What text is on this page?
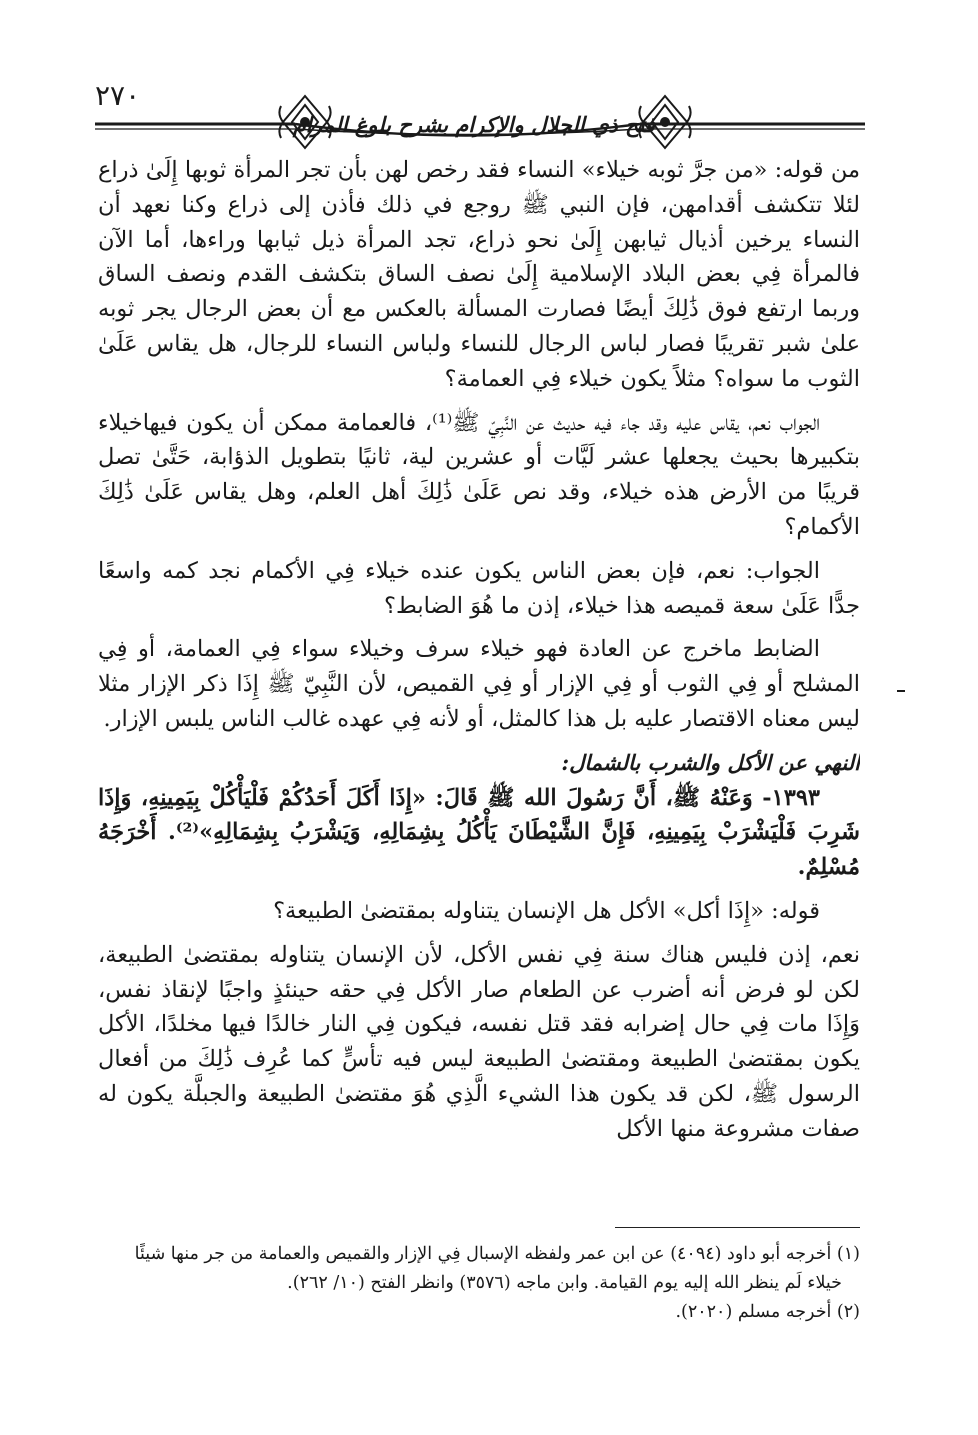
٢٧٠
فتح ذي الجلال والإكرام بشرح بلوغ المرام

من قوله: «من جرَّ ثوبه خيلاء» النساء فقد رخص لهن بأن تجر المرأة ثوبها إِلَىٰ ذراع لئلا تتكشف أقدامهن، فإن النبي ﷺ روجع في ذلك فأذن إلى ذراع وكنا نعهد أن النساء يرخين أذيال ثيابهن إِلَىٰ نحو ذراع، تجد المرأة ذيل ثيابها وراءها، أما الآن فالمرأة فِي بعض البلاد الإسلامية إِلَىٰ نصف الساق بتكشف القدم ونصف الساق وربما ارتفع فوق ذَٰلِكَ أيضًا فصارت المسألة بالعكس مع أن بعض الرجال يجر ثوبه علىٰ شبر تقريبًا فصار لباس الرجال للنساء ولباس النساء للرجال، هل يقاس عَلَىٰ الثوب ما سواه؟ مثلاً يكون خيلاء فِي العمامة؟

الجواب نعم، يقاس عليه وقد جاء فيه حديث عن النَّبِيّ ﷺ⁽¹⁾، فالعمامة ممكن أن يكون فيهاخيلاء بتكبيرها بحيث يجعلها عشر لَيَّات أو عشرين لية، ثانيًا بتطويل الذؤابة، حَتَّىٰ تصل قريبًا من الأرض هذه خيلاء، وقد نص عَلَىٰ ذَٰلِكَ أهل العلم، وهل يقاس عَلَىٰ ذَٰلِكَ الأكمام؟

الجواب: نعم، فإن بعض الناس يكون عنده خيلاء فِي الأكمام نجد كمه واسعًا جدًّا عَلَىٰ سعة قميصه هذا خيلاء، إذن ما هُوَ الضابط؟

الضابط ماخرج عن العادة فهو خيلاء سرف وخيلاء سواء فِي العمامة، أو فِي المشلح أو فِي الثوب أو فِي الإزار أو فِي القميص، لأن النَّبِيّ ﷺ إِذَا ذكر الإزار مثلا ليس معناه الاقتصار عليه بل هذا كالمثل، أو لأنه فِي عهده غالب الناس يلبس الإزار.

النهي عن الأكل والشرب بالشمال:

١٣٩٣- وَعَنْهُ ﷺ، أَنَّ رَسُولَ الله ﷺ قَالَ: «إِذَا أَكَلَ أَحَدُكُمْ فَلْيَأْكُلْ بِيَمِينِهِ، وَإِذَا شَرِبَ فَلْيَشْرَبْ بِيَمِينِهِ، فَإِنَّ الشَّيْطَانَ يَأْكُلُ بِشِمَالِهِ، وَيَشْرَبُ بِشِمَالِهِ»⁽²⁾. أَخْرَجَهُ مُسْلِمٌ.

قوله: «إِذَا أكل» الأكل هل الإنسان يتناوله بمقتضىٰ الطبيعة؟

نعم، إذن فليس هناك سنة فِي نفس الأكل، لأن الإنسان يتناوله بمقتضىٰ الطبيعة، لكن لو فرض أنه أضرب عن الطعام صار الأكل فِي حقه حينئذٍ واجبًا لإنقاذ نفس، وَإِذَا مات فِي حال إضرابه فقد قتل نفسه، فيكون فِي النار خالدًا فيها مخلدًا، الأكل يكون بمقتضىٰ الطبيعة ومقتضىٰ الطبيعة ليس فيه تأسٍّ كما عُرِف ذَٰلِكَ من أفعال الرسول ﷺ، لكن قد يكون هذا الشيء الَّذِي هُوَ مقتضىٰ الطبيعة والجبلَّة يكون له صفات مشروعة منها الأكل

(١) أخرجه أبو داود (٤٠٩٤) عن ابن عمر ولفظه الإسبال فِي الإزار والقميص والعمامة من جر منها شيئًا

خيلاء لَم ينظر الله إليه يوم القيامة. وابن ماجه (٣٥٧٦) وانظر الفتح (١٠/ ٢٦٢).

(٢) أخرجه مسلم (٢٠٢٠).
